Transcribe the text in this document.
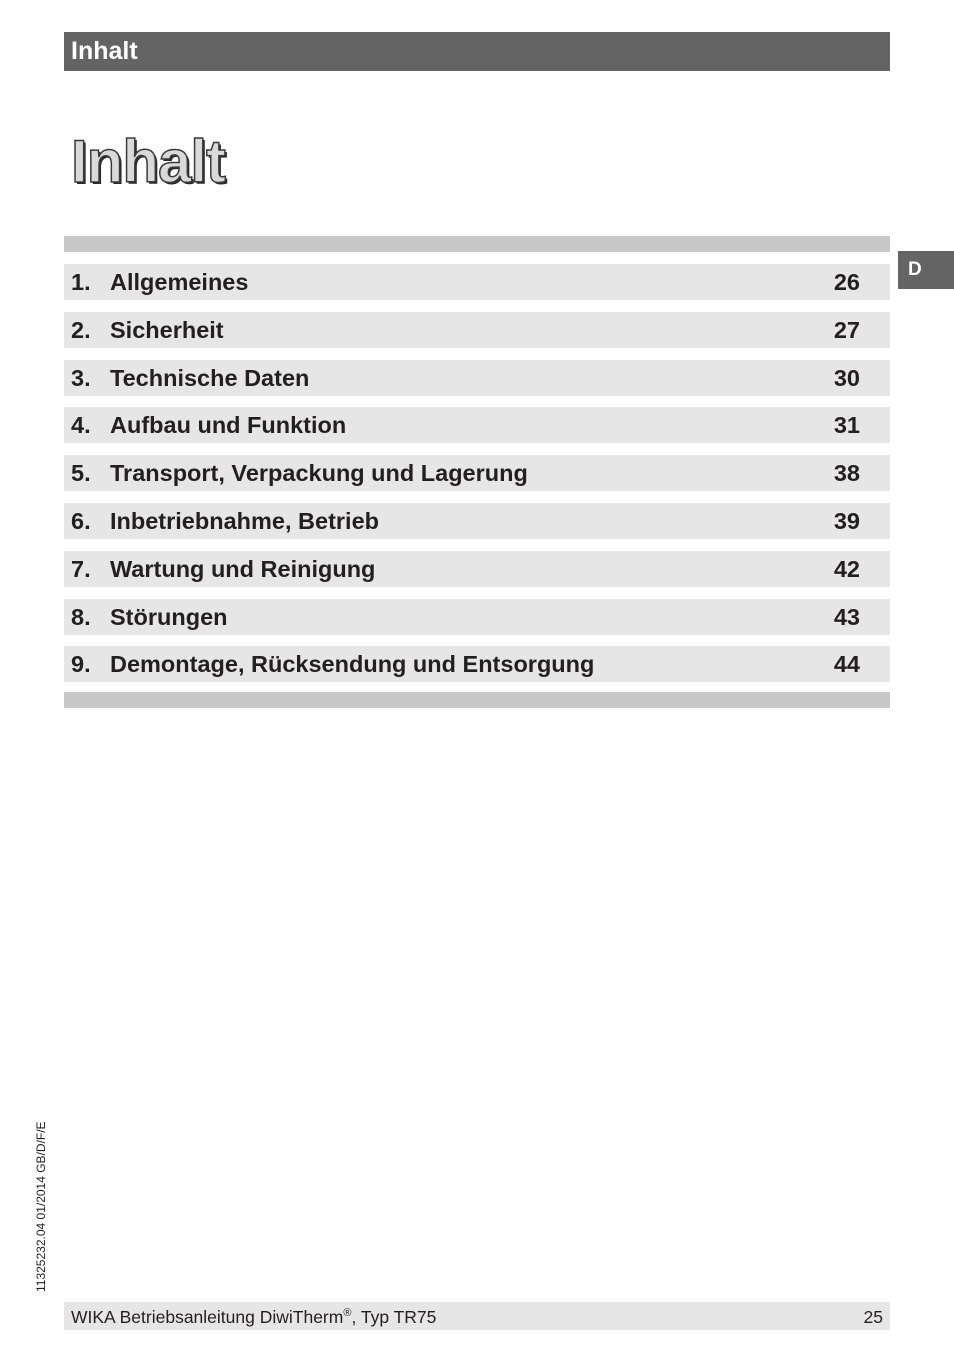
Inhalt
Inhalt
D
1. Allgemeines	26
2. Sicherheit	27
3. Technische Daten	30
4. Aufbau und Funktion	31
5. Transport, Verpackung und Lagerung	38
6. Inbetriebnahme, Betrieb	39
7. Wartung und Reinigung	42
8. Störungen	43
9. Demontage, Rücksendung und Entsorgung	44
11325232.04 01/2014 GB/D/F/E
WIKA Betriebsanleitung DiwiTherm®, Typ TR75	25
